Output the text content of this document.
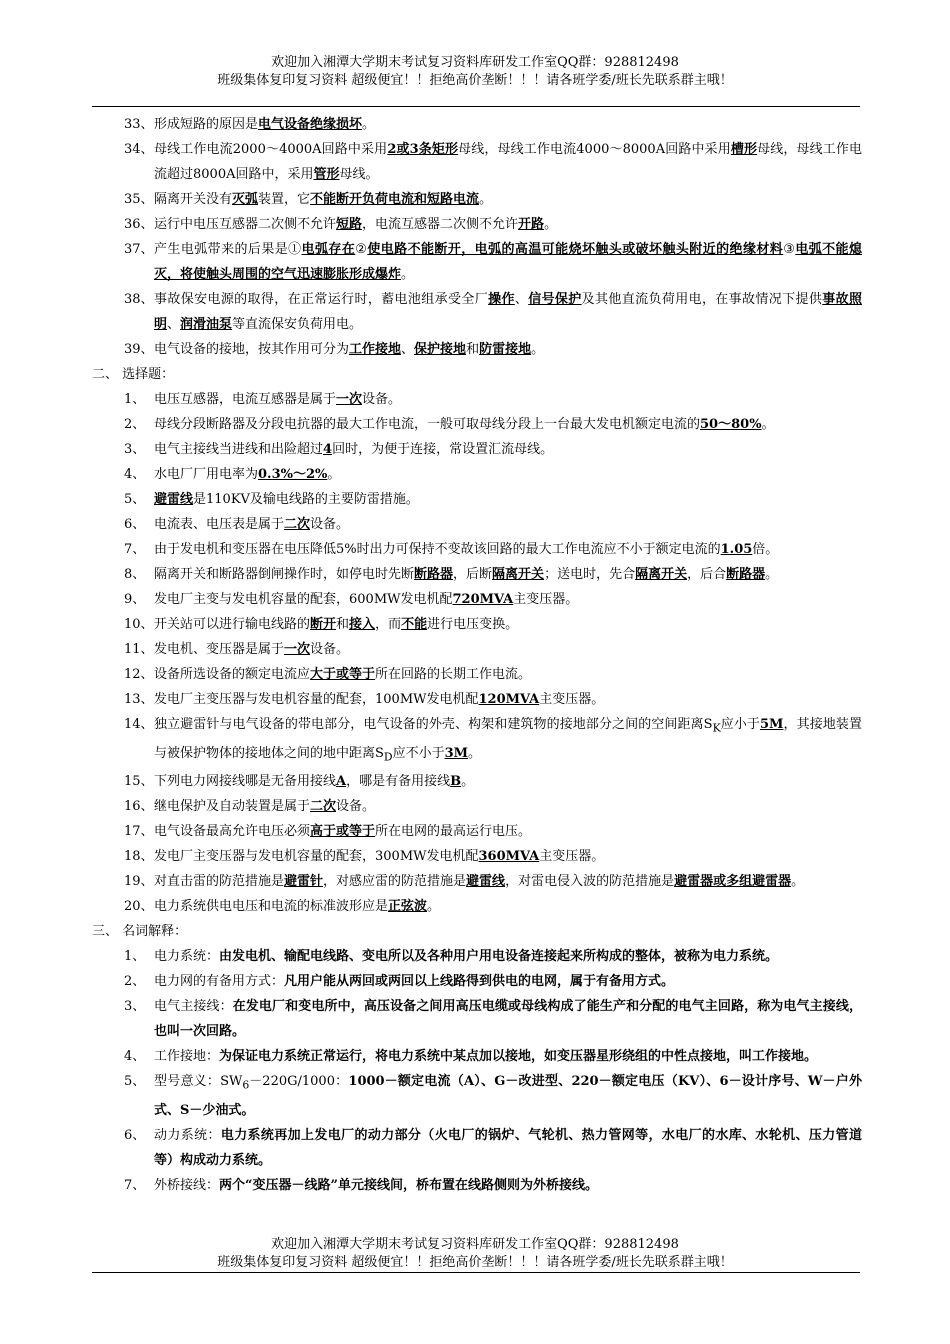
欢迎加入湘潭大学期末考试复习资料库研发工作室QQ群：928812498
班级集体复印复习资料 超级便宜！！拒绝高价垄断！！！请各班学委/班长先联系群主哦！
33、 形成短路的原因是电气设备绝缘损坏。
34、 母线工作电流2000～4000A回路中采用2或3条矩形母线，母线工作电流4000～8000A回路中采用槽形母线，母线工作电流超过8000A回路中，采用管形母线。
35、 隔离开关没有灭弧装置，它不能断开负荷电流和短路电流。
36、 运行中电压互感器二次侧不允许短路，电流互感器二次侧不允许开路。
37、 产生电弧带来的后果是①电弧存在②使电路不能断开，电弧的高温可能烧坏触头或破坏触头附近的绝缘材料③电弧不能熄灭，将使触头周围的空气迅速膨胀形成爆炸。
38、 事故保安电源的取得，在正常运行时，蓄电池组承受全厂操作、信号保护及其他直流负荷用电，在事故情况下提供事故照明、润滑油泵等直流保安负荷用电。
39、 电气设备的接地，按其作用可分为工作接地、保护接地和防雷接地。
二、 选择题：
1、 电压互感器，电流互感器是属于一次设备。
2、 母线分段断路器及分段电抗器的最大工作电流，一般可取母线分段上一台最大发电机额定电流的50～80%。
3、 电气主接线当进线和出险超过4回时，为便于连接，常设置汇流母线。
4、 水电厂厂用电率为0.3%～2%。
5、 避雷线是110KV及输电线路的主要防雷措施。
6、 电流表、电压表是属于二次设备。
7、 由于发电机和变压器在电压降低5%时出力可保持不变故该回路的最大工作电流应不小于额定电流的1.05倍。
8、 隔离开关和断路器倒闸操作时，如停电时先断断路器，后断隔离开关；送电时，先合隔离开关，后合断路器。
9、 发电厂主变与发电机容量的配套，600MW发电机配720MVA主变压器。
10、 开关站可以进行输电线路的断开和接入，而不能进行电压变换。
11、 发电机、变压器是属于一次设备。
12、 设备所选设备的额定电流应大于或等于所在回路的长期工作电流。
13、 发电厂主变压器与发电机容量的配套，100MW发电机配120MVA主变压器。
14、 独立避雷针与电气设备的带电部分，电气设备的外壳、构架和建筑物的接地部分之间的空间距离$S_K$应小于5M，其接地装置与被保护物体的接地体之间的地中距离$S_D$应不小于3M。
15、 下列电力网接线哪是无备用接线A，哪是有备用接线B。
16、 继电保护及自动装置是属于二次设备。
17、 电气设备最高允许电压必须高于或等于所在电网的最高运行电压。
18、 发电厂主变压器与发电机容量的配套，300MW发电机配360MVA主变压器。
19、 对直击雷的防范措施是避雷针，对感应雷的防范措施是避雷线，对雷电侵入波的防范措施是避雷器或多组避雷器。
20、 电力系统供电电压和电流的标准波形应是正弦波。
三、 名词解释：
1、 电力系统：由发电机、输配电线路、变电所以及各种用户用电设备连接起来所构成的整体，被称为电力系统。
2、 电力网的有备用方式：凡用户能从两回或两回以上线路得到供电的电网，属于有备用方式。
3、 电气主接线：在发电厂和变电所中，高压设备之间用高压电缆或母线构成了能生产和分配的电气主回路，称为电气主接线，也叫一次回路。
4、 工作接地：为保证电力系统正常运行，将电力系统中某点加以接地，如变压器星形绕组的中性点接地，叫工作接地。
5、 型号意义：$SW_6-220G/1000$：1000－额定电流（A）、G－改进型、220－额定电压（KV）、6－设计序号、W－户外式、S－少油式。
6、 动力系统：电力系统再加上发电厂的动力部分（火电厂的锅炉、气轮机、热力管网等，水电厂的水库、水轮机、压力管道等）构成动力系统。
7、 外桥接线：两个“变压器－线路”单元接线间，桥布置在线路侧则为外桥接线。
欢迎加入湘潭大学期末考试复习资料库研发工作室QQ群：928812498
班级集体复印复习资料 超级便宜！！拒绝高价垄断！！！请各班学委/班长先联系群主哦！
